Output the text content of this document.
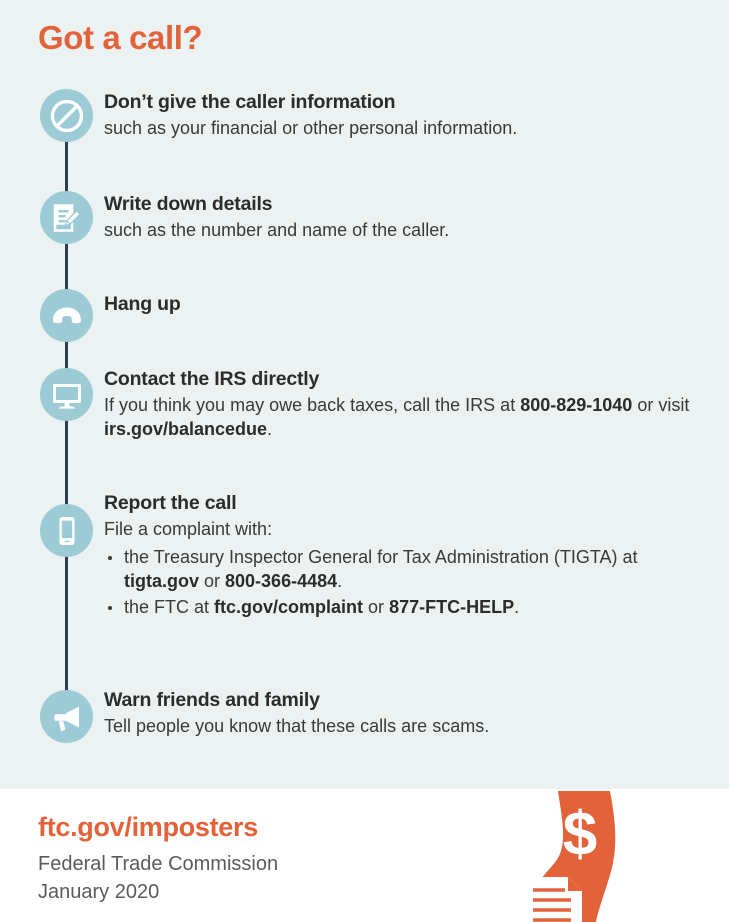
Got a call?

Don’t give the caller information

such as your financial or other personal information.

Write down details

such as the number and name of the caller.

Hang up

Contact the IRS directly

If you think you may owe back taxes, call the IRS at 800-829-1040 or visit irs.gov/balancedue.

Report the call

File a complaint with:

the Treasury Inspector General for Tax Administration (TIGTA) at tigta.gov or 800-366-4484.
the FTC at ftc.gov/complaint or 877-FTC-HELP.

Warn friends and family

Tell people you know that these calls are scams.

ftc.gov/imposters
Federal Trade Commission
January 2020
$
